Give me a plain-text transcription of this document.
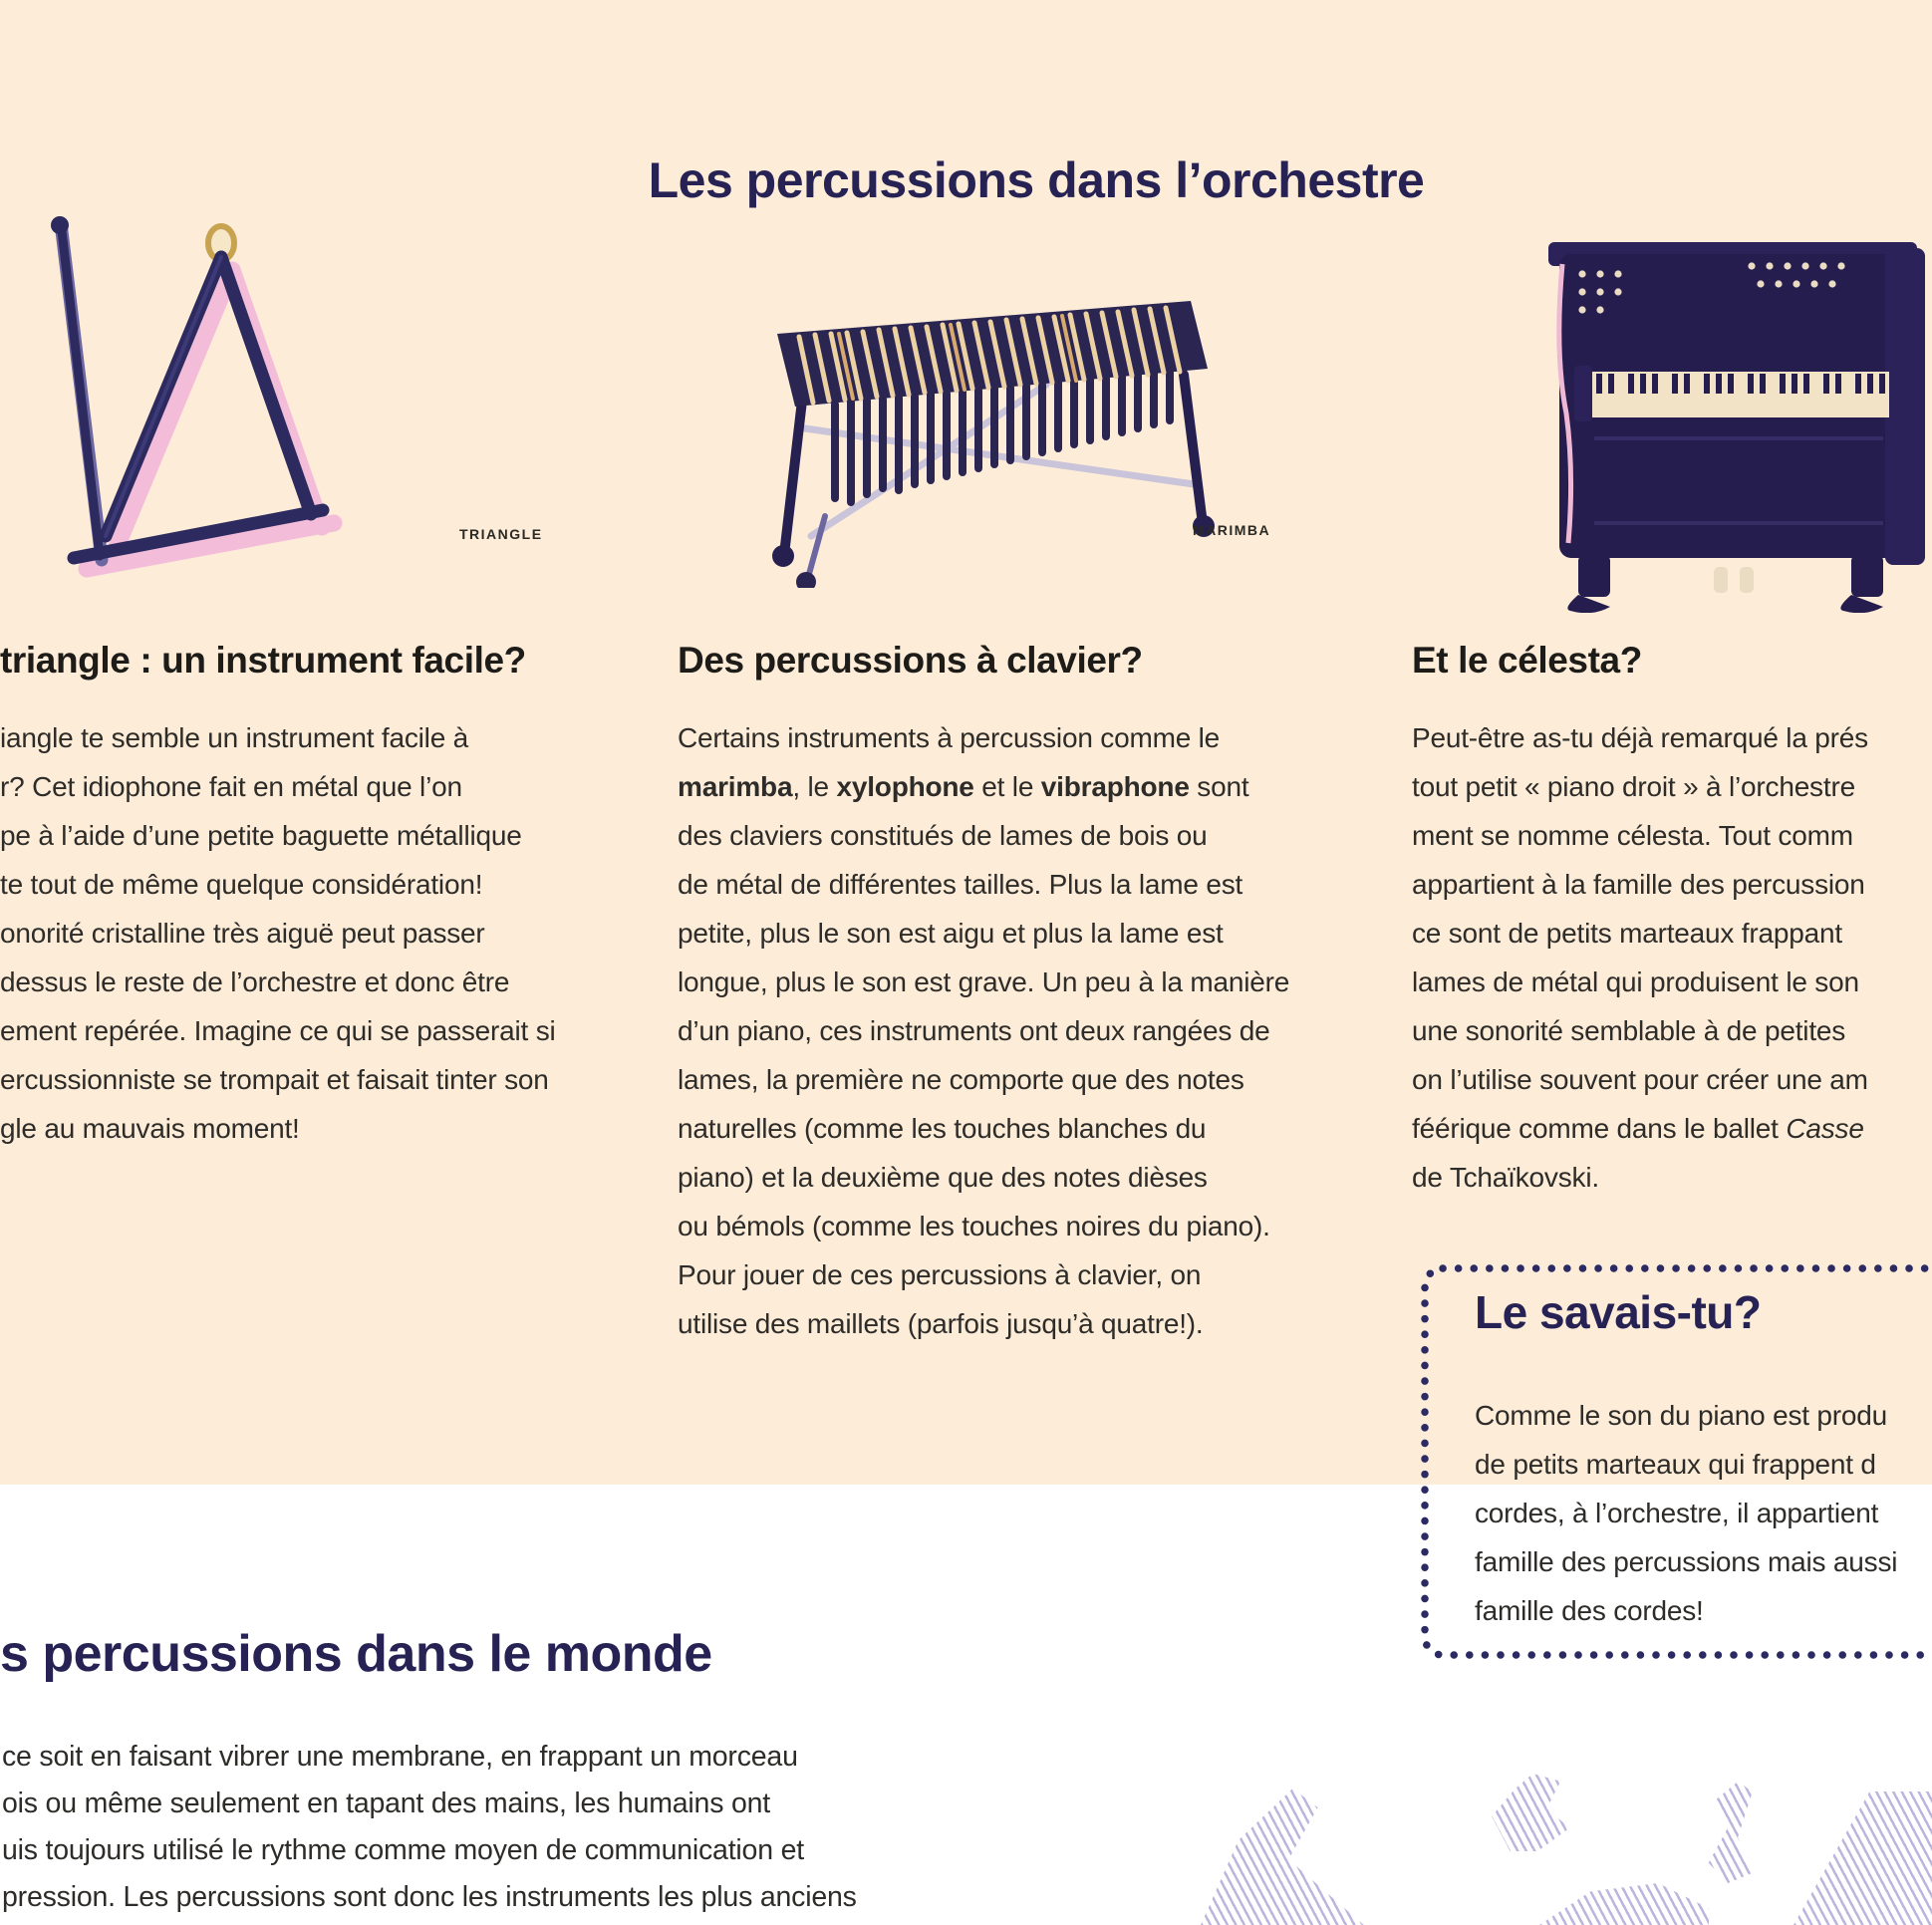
Les percussions dans l’orchestre
TRIANGLE	MARIMBA
triangle : un instrument facile?
iangle te semble un instrument facile à
r? Cet idiophone fait en métal que l’on
pe à l’aide d’une petite baguette métallique
te tout de même quelque considération!
onorité cristalline très aiguë peut passer
dessus le reste de l’orchestre et donc être
ement repérée. Imagine ce qui se passerait si
ercussionniste se trompait et faisait tinter son
gle au mauvais moment!
Des percussions à clavier?
Certains instruments à percussion comme le
marimba, le xylophone et le vibraphone sont
des claviers constitués de lames de bois ou
de métal de différentes tailles. Plus la lame est
petite, plus le son est aigu et plus la lame est
longue, plus le son est grave. Un peu à la manière
d’un piano, ces instruments ont deux rangées de
lames, la première ne comporte que des notes
naturelles (comme les touches blanches du
piano) et la deuxième que des notes dièses
ou bémols (comme les touches noires du piano).
Pour jouer de ces percussions à clavier, on
utilise des maillets (parfois jusqu’à quatre!).
Et le célesta?
Peut-être as-tu déjà remarqué la prés
tout petit « piano droit » à l’orchestre
ment se nomme célesta. Tout comm
appartient à la famille des percussion
ce sont de petits marteaux frappant
lames de métal qui produisent le son
une sonorité semblable à de petites
on l’utilise souvent pour créer une am
féérique comme dans le ballet Casse
de Tchaïkovski.
Le savais-tu?
Comme le son du piano est produ
de petits marteaux qui frappent d
cordes, à l’orchestre, il appartient
famille des percussions mais aussi
famille des cordes!
s percussions dans le monde
ce soit en faisant vibrer une membrane, en frappant un morceau
ois ou même seulement en tapant des mains, les humains ont
uis toujours utilisé le rythme comme moyen de communication et
pression. Les percussions sont donc les instruments les plus anciens
